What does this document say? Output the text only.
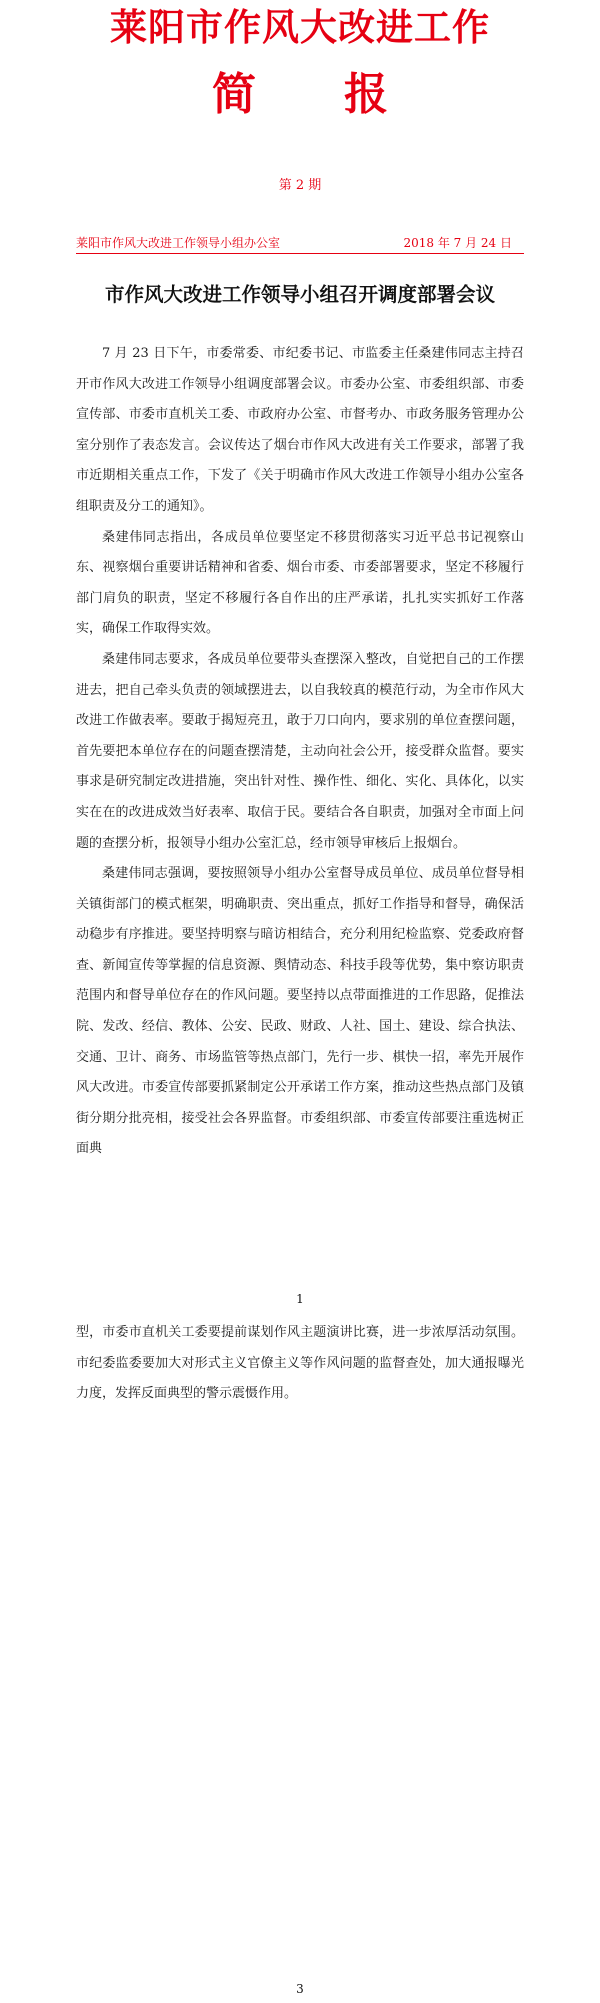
莱阳市作风大改进工作
简　　报
第 2 期
莱阳市作风大改进工作领导小组办公室	2018 年 7 月 24 日
市作风大改进工作领导小组召开调度部署会议

7 月 23 日下午，市委常委、市纪委书记、市监委主任桑建伟同志主持召开市作风大改进工作领导小组调度部署会议。市委办公室、市委组织部、市委宣传部、市委市直机关工委、市政府办公室、市督考办、市政务服务管理办公室分别作了表态发言。会议传达了烟台市作风大改进有关工作要求，部署了我市近期相关重点工作，下发了《关于明确市作风大改进工作领导小组办公室各组职责及分工的通知》。

桑建伟同志指出，各成员单位要坚定不移贯彻落实习近平总书记视察山东、视察烟台重要讲话精神和省委、烟台市委、市委部署要求，坚定不移履行部门肩负的职责，坚定不移履行各自作出的庄严承诺，扎扎实实抓好工作落实，确保工作取得实效。

桑建伟同志要求，各成员单位要带头查摆深入整改，自觉把自己的工作摆进去，把自己牵头负责的领域摆进去，以自我较真的模范行动，为全市作风大改进工作做表率。要敢于揭短亮丑，敢于刀口向内，要求别的单位查摆问题，首先要把本单位存在的问题查摆清楚，主动向社会公开，接受群众监督。要实事求是研究制定改进措施，突出针对性、操作性、细化、实化、具体化，以实实在在的改进成效当好表率、取信于民。要结合各自职责，加强对全市面上问题的查摆分析，报领导小组办公室汇总，经市领导审核后上报烟台。

桑建伟同志强调，要按照领导小组办公室督导成员单位、成员单位督导相关镇街部门的模式框架，明确职责、突出重点，抓好工作指导和督导，确保活动稳步有序推进。要坚持明察与暗访相结合，充分利用纪检监察、党委政府督查、新闻宣传等掌握的信息资源、舆情动态、科技手段等优势，集中察访职责范围内和督导单位存在的作风问题。要坚持以点带面推进的工作思路，促推法院、发改、经信、教体、公安、民政、财政、人社、国土、建设、综合执法、交通、卫计、商务、市场监管等热点部门，先行一步、棋快一招，率先开展作风大改进。市委宣传部要抓紧制定公开承诺工作方案，推动这些热点部门及镇街分期分批亮相，接受社会各界监督。市委组织部、市委宣传部要注重选树正面典

1

型，市委市直机关工委要提前谋划作风主题演讲比赛，进一步浓厚活动氛围。市纪委监委要加大对形式主义官僚主义等作风问题的监督查处，加大通报曝光力度，发挥反面典型的警示震慑作用。

3
